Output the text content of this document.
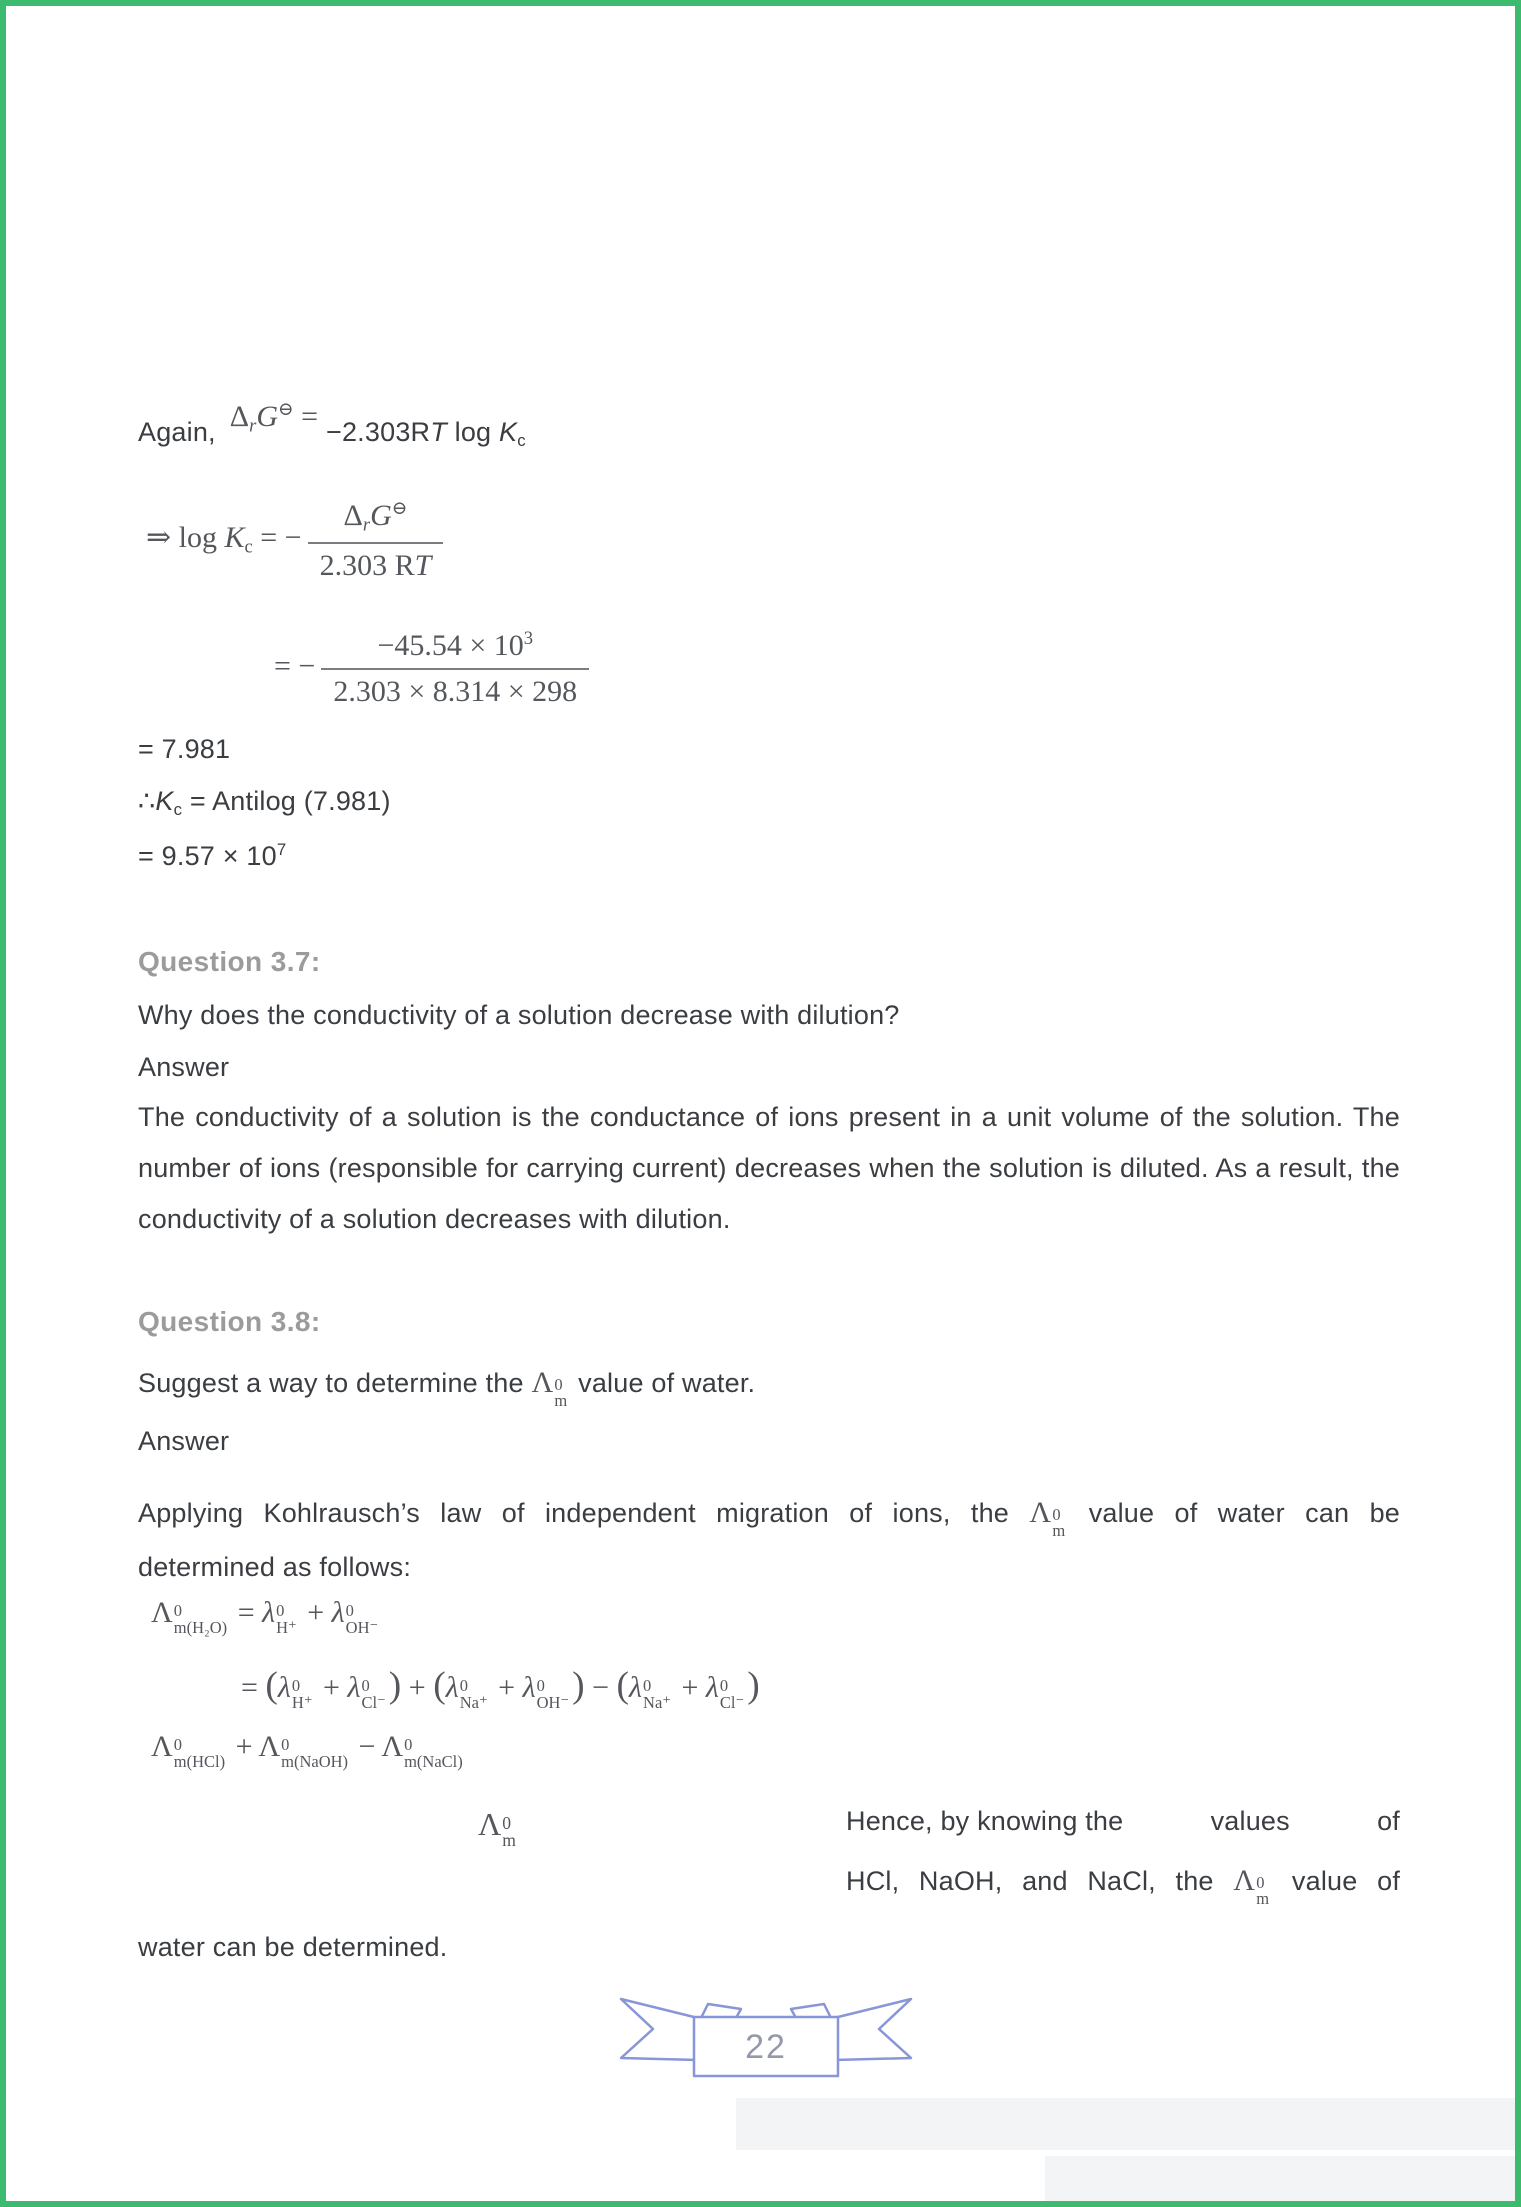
Again, $\Delta_rG^⊖ = -2.303RT$ $\log K_c$
⇒ $\log K_c$ = − $\frac{\Delta_rG^⊖}{2.303 RT}$
= − $\frac{-45.54 \times 10^3}{2.303 \times 8.314 \times 298}$
= 7.981
$\therefore K_c$ = Antilog (7.981)
= $9.57 \times 10^7$
Question 3.7:
Why does the conductivity of a solution decrease with dilution?
Answer
The conductivity of a solution is the conductance of ions present in a unit volume of the solution. The number of ions (responsible for carrying current) decreases when the solution is diluted. As a result, the conductivity of a solution decreases with dilution.
Question 3.8:
Suggest a way to determine the Λ 0
m
value of water.
Answer
Applying Kohlrausch’s law of independent migration of ions, the Λ 0
m
value of water can be
determined as follows:
Λ 0
m(H₂O) = λ 0
H⁺ + λ 0
OH⁻
= (λ 0
H⁺ + λ 0
Cl⁻ ) + (λ 0
Na⁺ + λ 0
OH⁻ ) − (λ 0
Na⁺ + λ 0
Cl⁻ )
Λ 0
m(HCl) + Λ 0
m(NaOH) − Λ 0
m(NaCl)
Λ 0
m
Hence, by knowing the	values	of
HCl, NaOH, and NaCl, the Λ 0
m
value of
water can be determined.
22
